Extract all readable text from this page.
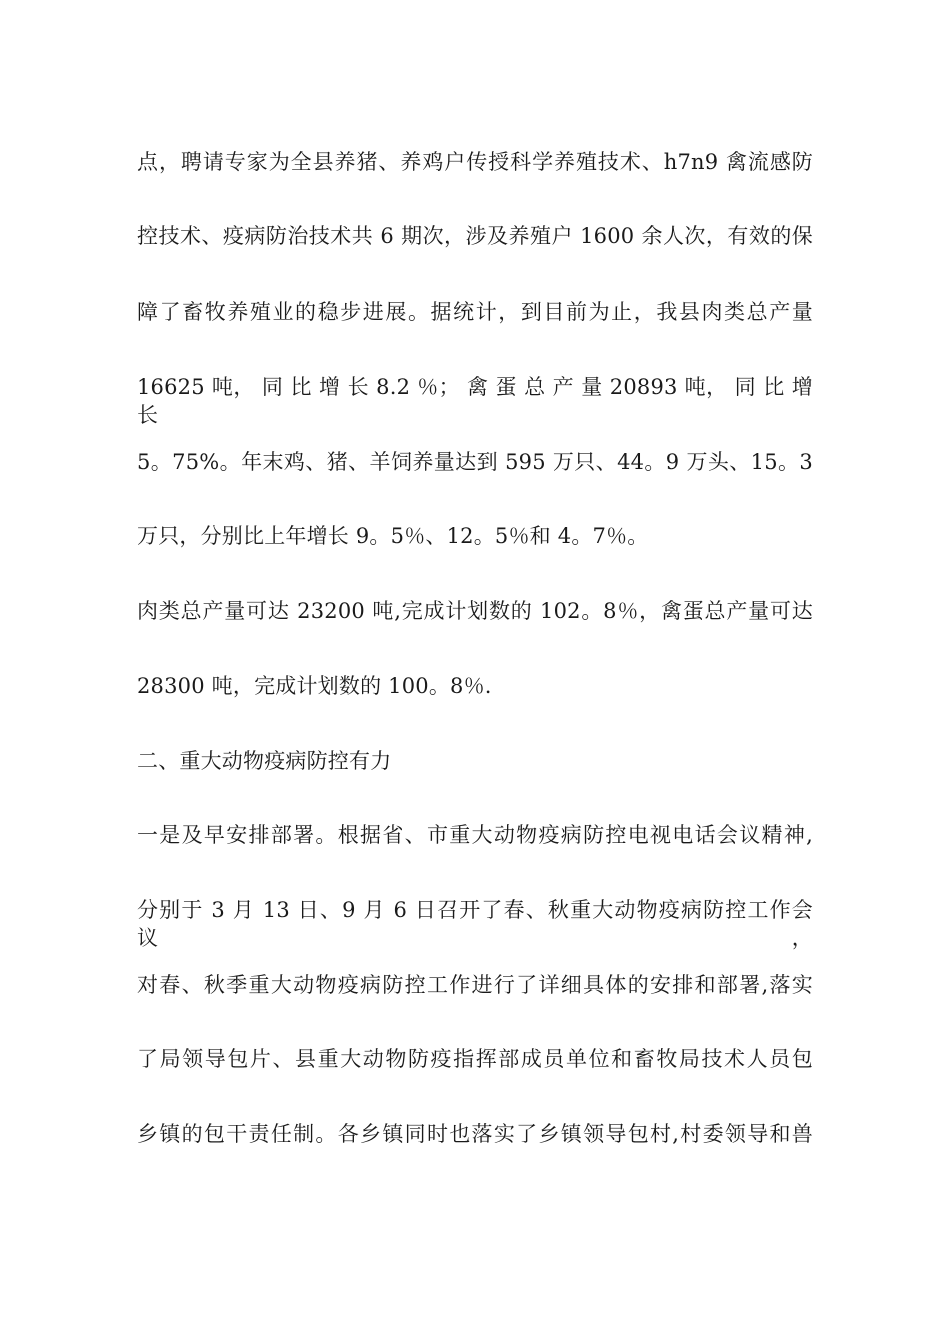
点，聘请专家为全县养猪、养鸡户传授科学养殖技术、h7n9 禽流感防
控技术、疫病防治技术共 6 期次，涉及养殖户 1600 余人次，有效的保
障了畜牧养殖业的稳步进展。据统计，到目前为止，我县肉类总产量
16625 吨， 同 比 增 长 8.2 ％； 禽 蛋 总 产 量 20893 吨， 同 比 增 长
5。75%。年末鸡、猪、羊饲养量达到 595 万只、44。9 万头、15。3
万只，分别比上年增长 9。5％、12。5％和 4。7％。
肉类总产量可达 23200 吨,完成计划数的 102。8％，禽蛋总产量可达
28300 吨，完成计划数的 100。8％.
二、重大动物疫病防控有力
一是及早安排部署。根据省、市重大动物疫病防控电视电话会议精神,
分别于 3 月 13 日、9 月 6 日召开了春、秋重大动物疫病防控工作会议，
对春、秋季重大动物疫病防控工作进行了详细具体的安排和部署,落实
了局领导包片、县重大动物防疫指挥部成员单位和畜牧局技术人员包
乡镇的包干责任制。各乡镇同时也落实了乡镇领导包村,村委领导和兽
